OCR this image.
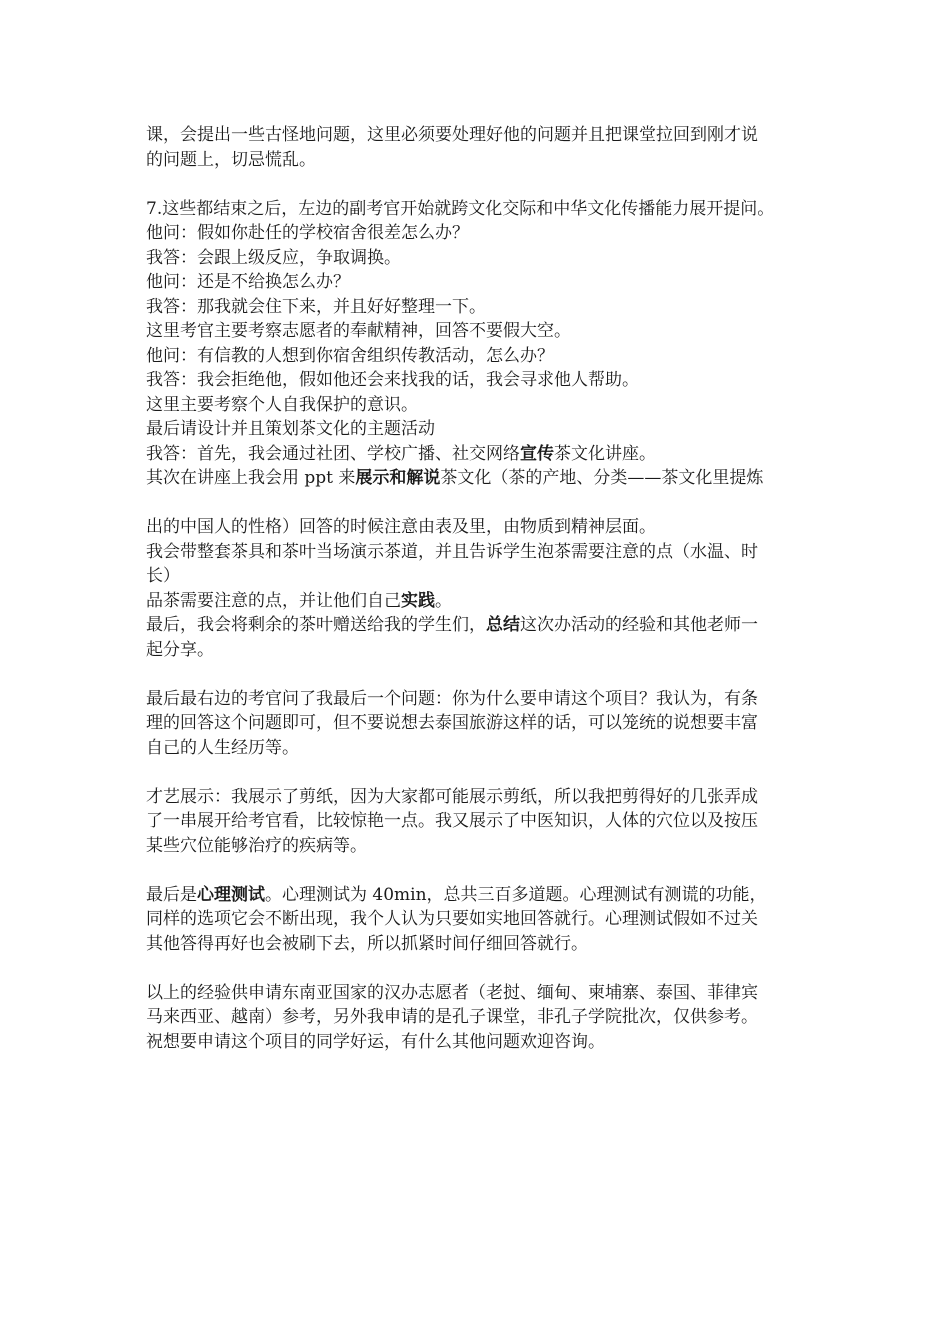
课，会提出一些古怪地问题，这里必须要处理好他的问题并且把课堂拉回到刚才说
的问题上，切忌慌乱。
7.这些都结束之后，左边的副考官开始就跨文化交际和中华文化传播能力展开提问。
他问：假如你赴任的学校宿舍很差怎么办？
我答：会跟上级反应，争取调换。
他问：还是不给换怎么办？
我答：那我就会住下来，并且好好整理一下。
这里考官主要考察志愿者的奉献精神，回答不要假大空。
他问：有信教的人想到你宿舍组织传教活动，怎么办？
我答：我会拒绝他，假如他还会来找我的话，我会寻求他人帮助。
这里主要考察个人自我保护的意识。
最后请设计并且策划茶文化的主题活动
我答：首先，我会通过社团、学校广播、社交网络宣传茶文化讲座。
其次在讲座上我会用 ppt 来展示和解说茶文化（茶的产地、分类——茶文化里提炼
出的中国人的性格）回答的时候注意由表及里，由物质到精神层面。
我会带整套茶具和茶叶当场演示茶道，并且告诉学生泡茶需要注意的点（水温、时
长）
品茶需要注意的点，并让他们自己实践。
最后，我会将剩余的茶叶赠送给我的学生们，总结这次办活动的经验和其他老师一
起分享。
最后最右边的考官问了我最后一个问题：你为什么要申请这个项目？我认为，有条
理的回答这个问题即可，但不要说想去泰国旅游这样的话，可以笼统的说想要丰富
自己的人生经历等。
才艺展示：我展示了剪纸，因为大家都可能展示剪纸，所以我把剪得好的几张弄成
了一串展开给考官看，比较惊艳一点。我又展示了中医知识，人体的穴位以及按压
某些穴位能够治疗的疾病等。
最后是心理测试。心理测试为 40min，总共三百多道题。心理测试有测谎的功能，
同样的选项它会不断出现，我个人认为只要如实地回答就行。心理测试假如不过关
其他答得再好也会被刷下去，所以抓紧时间仔细回答就行。
以上的经验供申请东南亚国家的汉办志愿者（老挝、缅甸、柬埔寨、泰国、菲律宾
马来西亚、越南）参考，另外我申请的是孔子课堂，非孔子学院批次，仅供参考。
祝想要申请这个项目的同学好运，有什么其他问题欢迎咨询。
